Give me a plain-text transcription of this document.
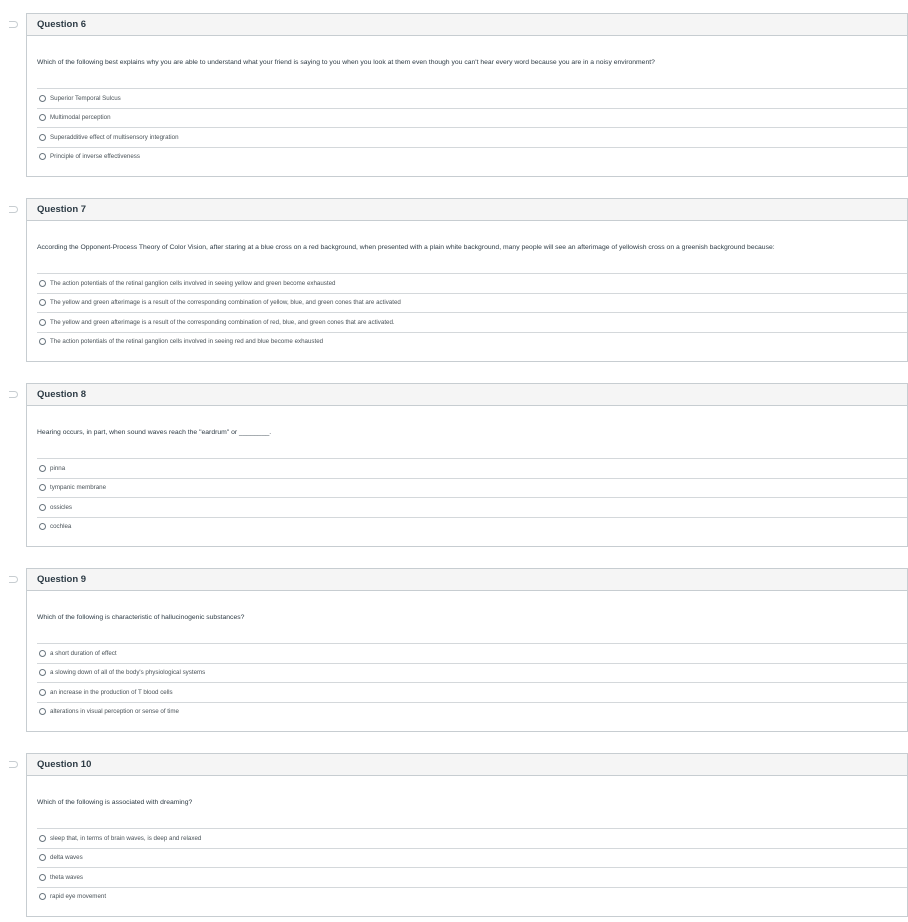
Question 6
Which of the following best explains why you are able to understand what your friend is saying to you when you look at them even though you can't hear every word because you are in a noisy environment?
Superior Temporal Sulcus
Multimodal perception
Superadditive effect of multisensory integration
Principle of inverse effectiveness
Question 7
According the Opponent-Process Theory of Color Vision, after staring at a blue cross on a red background, when presented with a plain white background, many people will see an afterimage of yellowish cross on a greenish background because:
The action potentials of the retinal ganglion cells involved in seeing yellow and green become exhausted
The yellow and green afterimage is a result of the corresponding combination of yellow, blue, and green cones that are activated
The yellow and green afterimage is a result of the corresponding combination of red, blue, and green cones that are activated.
The action potentials of the retinal ganglion cells involved in seeing red and blue become exhausted
Question 8
Hearing occurs, in part, when sound waves reach the "eardrum" or ________.
pinna
tympanic membrane
ossicles
cochlea
Question 9
Which of the following is characteristic of hallucinogenic substances?
a short duration of effect
a slowing down of all of the body's physiological systems
an increase in the production of T blood cells
alterations in visual perception or sense of time
Question 10
Which of the following is associated with dreaming?
sleep that, in terms of brain waves, is deep and relaxed
delta waves
theta waves
rapid eye movement
